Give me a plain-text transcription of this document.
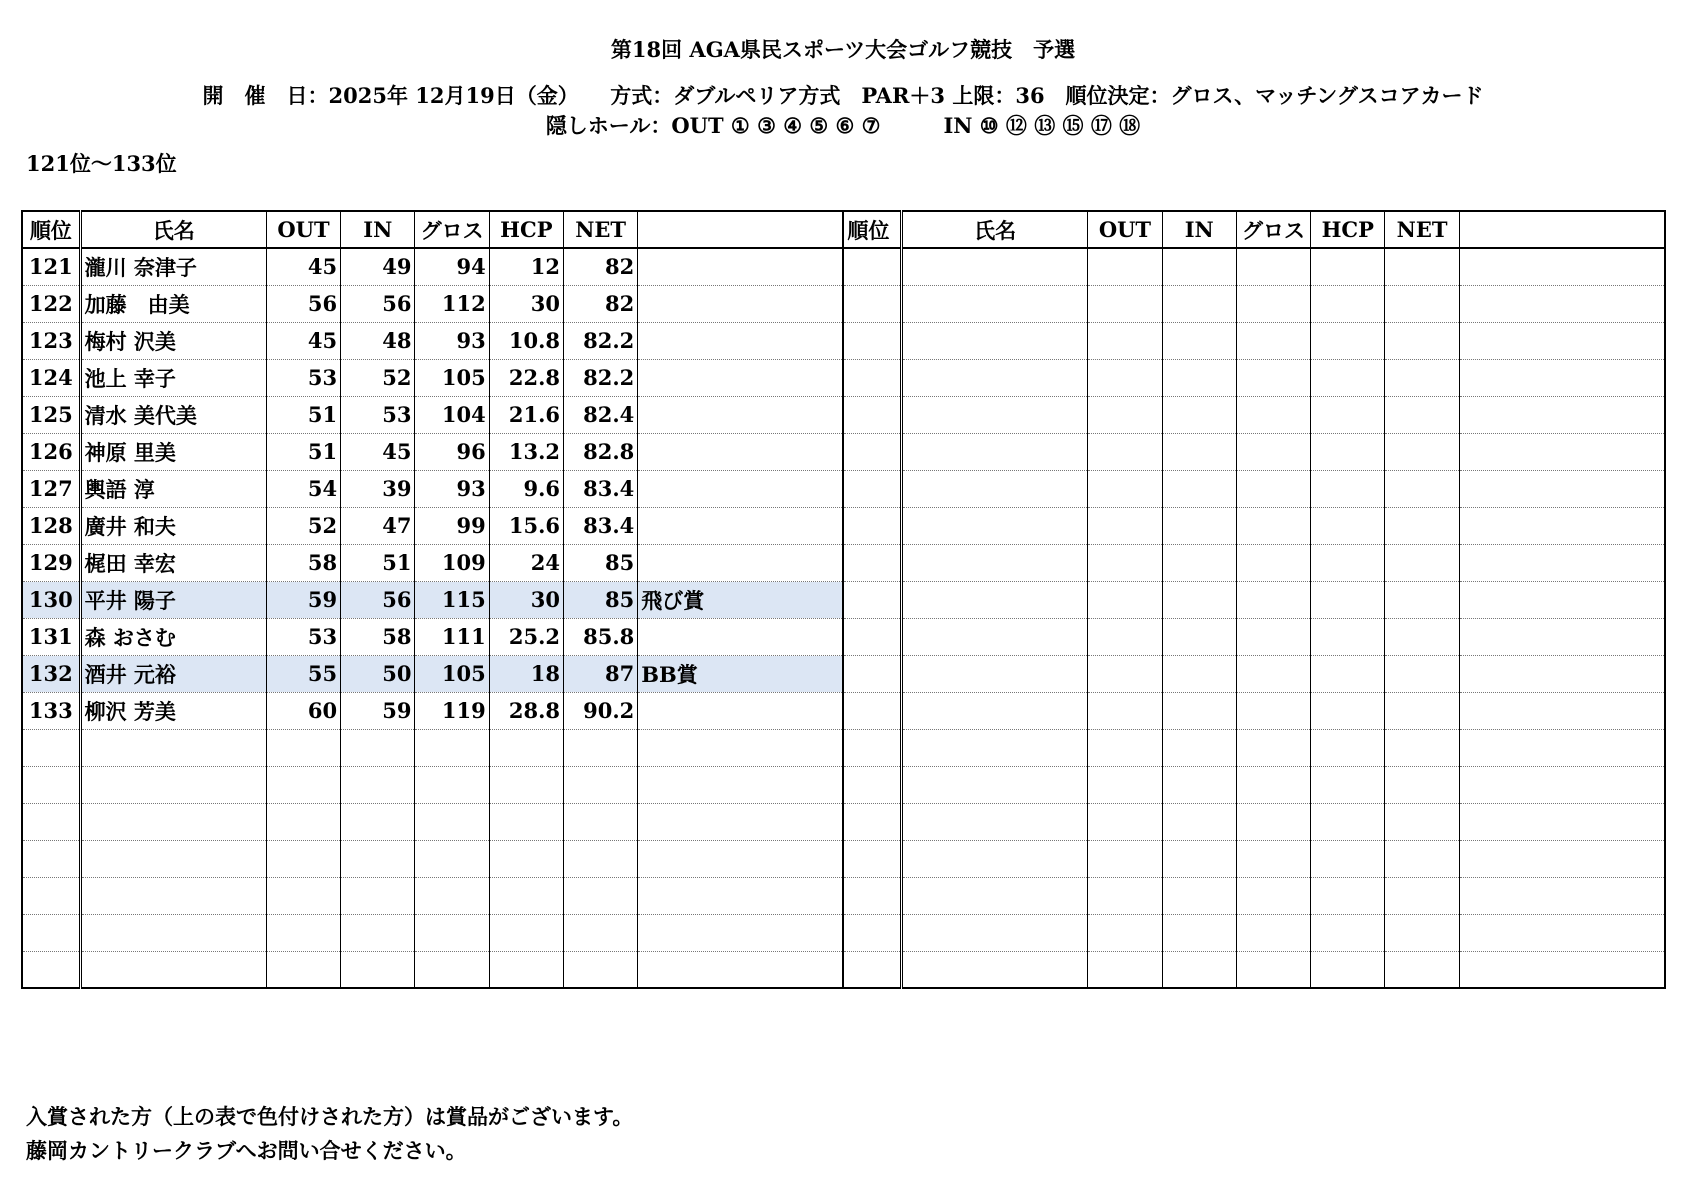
第18回 AGA県民スポーツ大会ゴルフ競技　予選
開　催　日：2025年 12月19日（金）　　方式：ダブルペリア方式　PAR＋3 上限：36　順位決定：グロス、マッチングスコアカード
隠しホール：OUT ① ③ ④ ⑤ ⑥ ⑦　　　IN ⑩ ⑫ ⑬ ⑮ ⑰ ⑱
121位～133位
順位	氏名	OUT	IN	グロス	HCP	NET		順位	氏名	OUT	IN	グロス	HCP	NET	
121	瀧川 奈津子	45	49	94	12	82									
122	加藤　由美	56	56	112	30	82									
123	梅村 沢美	45	48	93	10.8	82.2									
124	池上 幸子	53	52	105	22.8	82.2									
125	清水 美代美	51	53	104	21.6	82.4									
126	神原 里美	51	45	96	13.2	82.8									
127	輿語 淳	54	39	93	9.6	83.4									
128	廣井 和夫	52	47	99	15.6	83.4									
129	梶田 幸宏	58	51	109	24	85									
130	平井 陽子	59	56	115	30	85	飛び賞								
131	森 おさむ	53	58	111	25.2	85.8									
132	酒井 元裕	55	50	105	18	87	BB賞								
133	柳沢 芳美	60	59	119	28.8	90.2									

入賞された方（上の表で色付けされた方）は賞品がございます。
藤岡カントリークラブへお問い合せください。
